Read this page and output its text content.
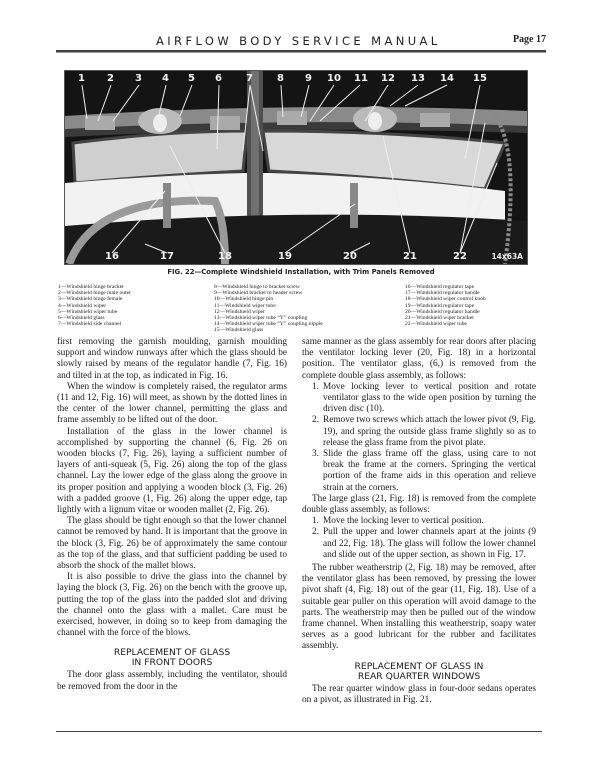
AIRFLOW BODY SERVICE MANUAL	Page 17
1 2 3 4 5 6 7 8 9 10 11 12 13 14 15
16	17	18	19	20	21	22	14x63A
FIG. 22—Complete Windshield Installation, with Trim Panels Removed
1—Windshield hinge bracket
2—Windshield hinge male outer
3—Windshield hinge female
4—Windshield wiper
5—Windshield wiper tube
6—Windshield glass
7—Windshield side channel
8—Windshield hinge to bracket screw
9—Windshield bracket to header screw
10—Windshield hinge pin
11—Windshield wiper tube
12—Windshield wiper
13—Windshield wiper tube “Y” coupling
14—Windshield wiper tube “Y” coupling nipple
15—Windshield glass
16—Windshield regulator tape
17—Windshield regulator handle
18—Windshield wiper control knob
19—Windshield regulator tape
20—Windshield regulator handle
21—Windshield wiper bracket
22—Windshield wiper tube

first removing the garnish moulding, garnish moulding support and window runways after which the glass should be slowly raised by means of the regulator handle (7, Fig. 16) and tilted in at the top, as indicated in Fig. 16.

When the window is completely raised, the regulator arms (11 and 12, Fig. 16) will meet, as shown by the dotted lines in the center of the lower channel, permitting the glass and frame assembly to be lifted out of the door.

Installation of the glass in the lower channel is accomplished by supporting the channel (6, Fig. 26 on wooden blocks (7, Fig. 26), laying a sufficient number of layers of anti-squeak (5, Fig. 26) along the top of the glass channel. Lay the lower edge of the glass along the groove in its proper position and applying a wooden block (3, Fig. 26) with a padded groove (1, Fig. 26) along the upper edge, tap lightly with a lignum vitae or wooden mallet (2, Fig. 26).

The glass should be tight enough so that the lower channel cannot be removed by hand. It is important that the groove in the block (3, Fig. 26) be of approximately the same contour as the top of the glass, and that sufficient padding be used to absorb the shock of the mallet blows.

It is also possible to drive the glass into the channel by laying the block (3, Fig. 26) on the bench with the groove up, putting the top of the glass into the padded slot and driving the channel onto the glass with a mallet. Care must be exercised, however, in doing so to keep from damaging the channel with the force of the blows.

REPLACEMENT OF GLASS
IN FRONT DOORS

The door glass assembly, including the ventilator, should be removed from the door in the

same manner as the glass assembly for rear doors after placing the ventilator locking lever (20, Fig. 18) in a horizontal position. The ventilator glass, (6,) is removed from the complete double glass assembly, as follows:

1. Move locking lever to vertical position and rotate ventilator glass to the wide open position by turning the driven disc (10).
2. Remove two screws which attach the lower pivot (9, Fig. 19), and spring the outside glass frame slightly so as to release the glass frame from the pivot plate.
3. Slide the glass frame off the glass, using care to not break the frame at the corners. Springing the vertical portion of the frame aids in this operation and relieve strain at the corners.

The large glass (21, Fig. 18) is removed from the complete double glass assembly, as follows:

1. Move the locking lever to vertical position.
2. Pull the upper and lower channels apart at the joints (9 and 22, Fig. 18). The glass will follow the lower channel and slide out of the upper section, as shown in Fig. 17.

The rubber weatherstrip (2, Fig. 18) may be removed, after the ventilator glass has been removed, by pressing the lower pivot shaft (4, Fig. 18) out of the gear (11, Fig. 18). Use of a suitable gear puller on this operation will avoid damage to the parts. The weatherstrip may then be pulled out of the window frame channel. When installing this weatherstrip, soapy water serves as a good lubricant for the rubber and facilitates assembly.

REPLACEMENT OF GLASS IN
REAR QUARTER WINDOWS

The rear quarter window glass in four-door sedans operates on a pivot, as illustrated in Fig. 21.
